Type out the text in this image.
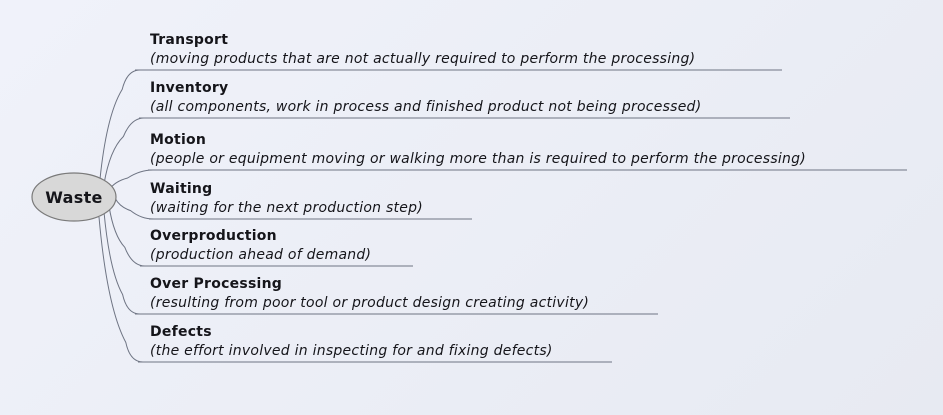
Transport
(moving products that are not actually required to perform the processing)
Inventory
(all components, work in process and finished product not being processed)
Motion
(people or equipment moving or walking more than is required to perform the processing)
Waiting
(waiting for the next production step)
Overproduction
(production ahead of demand)
Over Processing
(resulting from poor tool or product design creating activity)
Defects
(the effort involved in inspecting for and fixing defects)
Waste
